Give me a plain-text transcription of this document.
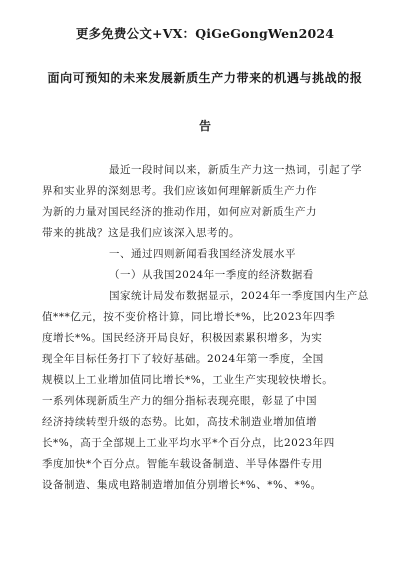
更多免费公文+VX：QiGeGongWen2024
面向可预知的未来发展新质生产力带来的机遇与挑战的报
告
最近一段时间以来，新质生产力这一热词，引起了学
界和实业界的深刻思考。我们应该如何理解新质生产力作
为新的力量对国民经济的推动作用，如何应对新质生产力
带来的挑战？这是我们应该深入思考的。
一、通过四则新闻看我国经济发展水平
（一）从我国2024年一季度的经济数据看
国家统计局发布数据显示，2024年一季度国内生产总
值***亿元，按不变价格计算，同比增长*%，比2023年四季
度增长*%。国民经济开局良好，积极因素累积增多，为实
现全年目标任务打下了较好基础。2024年第一季度，全国
规模以上工业增加值同比增长*%，工业生产实现较快增长。
一系列体现新质生产力的细分指标表现亮眼，彰显了中国
经济持续转型升级的态势。比如，高技术制造业增加值增
长*%，高于全部规上工业平均水平*个百分点，比2023年四
季度加快*个百分点。智能车载设备制造、半导体器件专用
设备制造、集成电路制造增加值分别增长*%、*%、*%。
